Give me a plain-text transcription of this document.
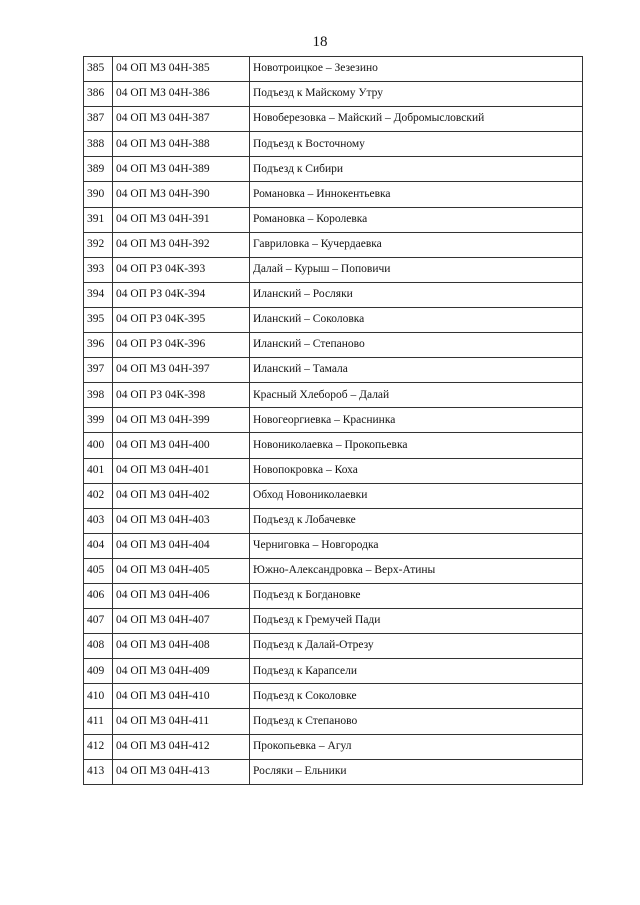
18
385	04 ОП МЗ 04Н-385	Новотроицкое – Зезезино
386	04 ОП МЗ 04Н-386	Подъезд к Майскому Утру
387	04 ОП МЗ 04Н-387	Новоберезовка – Майский – Добромысловский
388	04 ОП МЗ 04Н-388	Подъезд к Восточному
389	04 ОП МЗ 04Н-389	Подъезд к Сибири
390	04 ОП МЗ 04Н-390	Романовка – Иннокентьевка
391	04 ОП МЗ 04Н-391	Романовка – Королевка
392	04 ОП МЗ 04Н-392	Гавриловка – Кучердаевка
393	04 ОП РЗ 04К-393	Далай – Курыш – Поповичи
394	04 ОП РЗ 04К-394	Иланский – Росляки
395	04 ОП РЗ 04К-395	Иланский – Соколовка
396	04 ОП РЗ 04К-396	Иланский – Степаново
397	04 ОП МЗ 04Н-397	Иланский – Тамала
398	04 ОП РЗ 04К-398	Красный Хлебороб – Далай
399	04 ОП МЗ 04Н-399	Новогеоргиевка – Краснинка
400	04 ОП МЗ 04Н-400	Новониколаевка – Прокопьевка
401	04 ОП МЗ 04Н-401	Новопокровка – Коха
402	04 ОП МЗ 04Н-402	Обход Новониколаевки
403	04 ОП МЗ 04Н-403	Подъезд к Лобачевке
404	04 ОП МЗ 04Н-404	Черниговка – Новгородка
405	04 ОП МЗ 04Н-405	Южно-Александровка – Верх-Атины
406	04 ОП МЗ 04Н-406	Подъезд к Богдановке
407	04 ОП МЗ 04Н-407	Подъезд к Гремучей Пади
408	04 ОП МЗ 04Н-408	Подъезд к Далай-Отрезу
409	04 ОП МЗ 04Н-409	Подъезд к Карапсели
410	04 ОП МЗ 04Н-410	Подъезд к Соколовке
411	04 ОП МЗ 04Н-411	Подъезд к Степаново
412	04 ОП МЗ 04Н-412	Прокопьевка – Агул
413	04 ОП МЗ 04Н-413	Росляки – Ельники
